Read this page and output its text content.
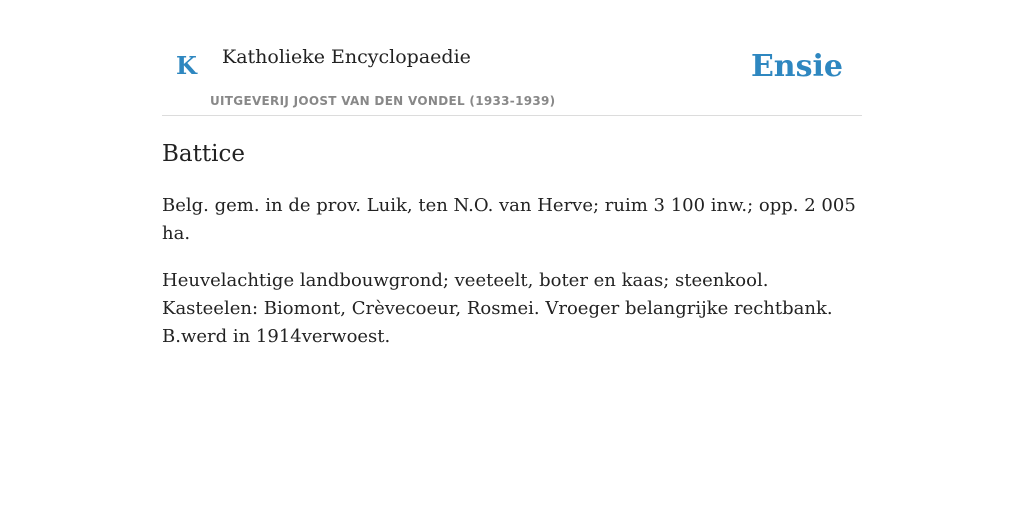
K Katholieke Encyclopaedie
UITGEVERIJ JOOST VAN DEN VONDEL (1933-1939)
Ensie
Battice

Belg. gem. in de prov. Luik, ten N.O. van Herve; ruim 3 100 inw.; opp. 2 005 ha.

Heuvelachtige landbouwgrond; veeteelt, boter en kaas; steenkool. Kasteelen: Biomont, Crèvecoeur, Rosmei. Vroeger belangrijke rechtbank. B.werd in 1914verwoest.
